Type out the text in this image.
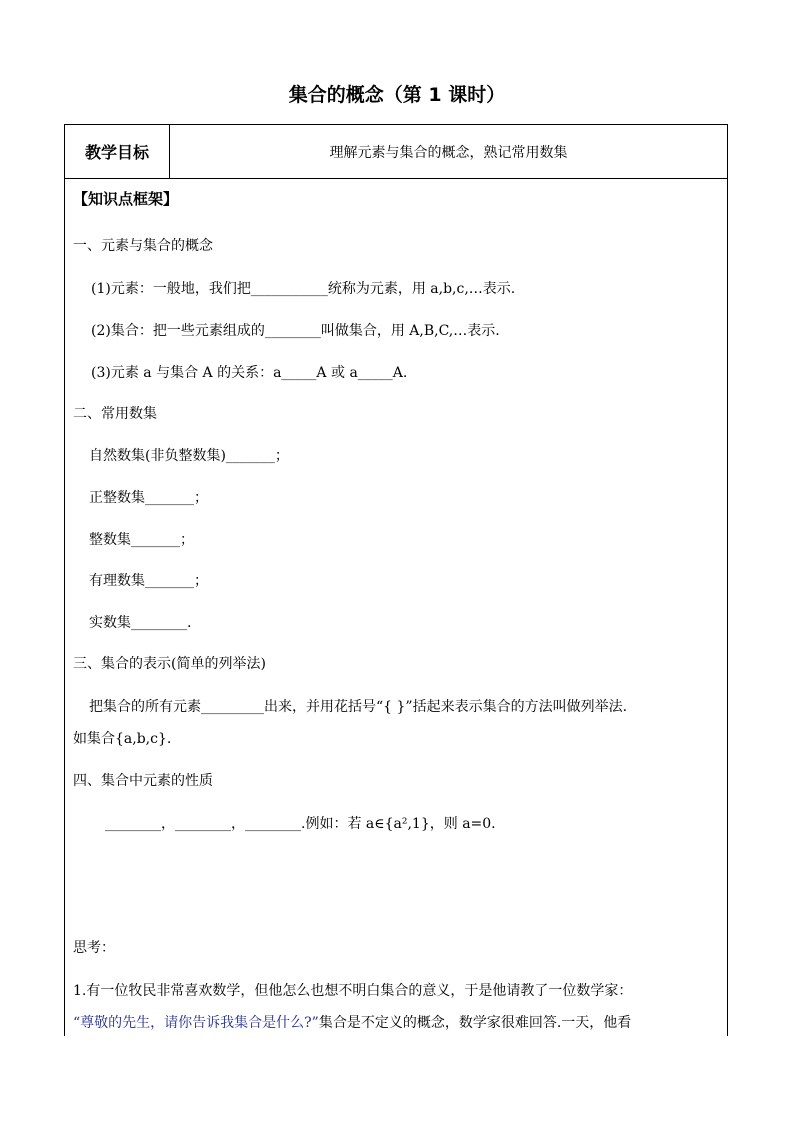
集合的概念（第 1 课时）
教学目标	理解元素与集合的概念，熟记常用数集
【知识点框架】
一、元素与集合的概念
(1)元素：一般地，我们把___________统称为元素，用 a,b,c,…表示.
(2)集合：把一些元素组成的________叫做集合，用 A,B,C,…表示.
(3)元素 a 与集合 A 的关系：a_____A 或 a_____A.
二、常用数集
自然数集(非负整数集)_______；
正整数集_______；
整数集_______；
有理数集_______；
实数集________.
三、集合的表示(简单的列举法)
把集合的所有元素_________出来，并用花括号“{ }”括起来表示集合的方法叫做列举法.
如集合{a,b,c}.
四、集合中元素的性质
________，________，________.例如：若 a∈{a²,1}，则 a=0.
思考：
1.有一位牧民非常喜欢数学，但他怎么也想不明白集合的意义，于是他请教了一位数学家：
“尊敬的先生，请你告诉我集合是什么?”集合是不定义的概念，数学家很难回答.一天，他看
